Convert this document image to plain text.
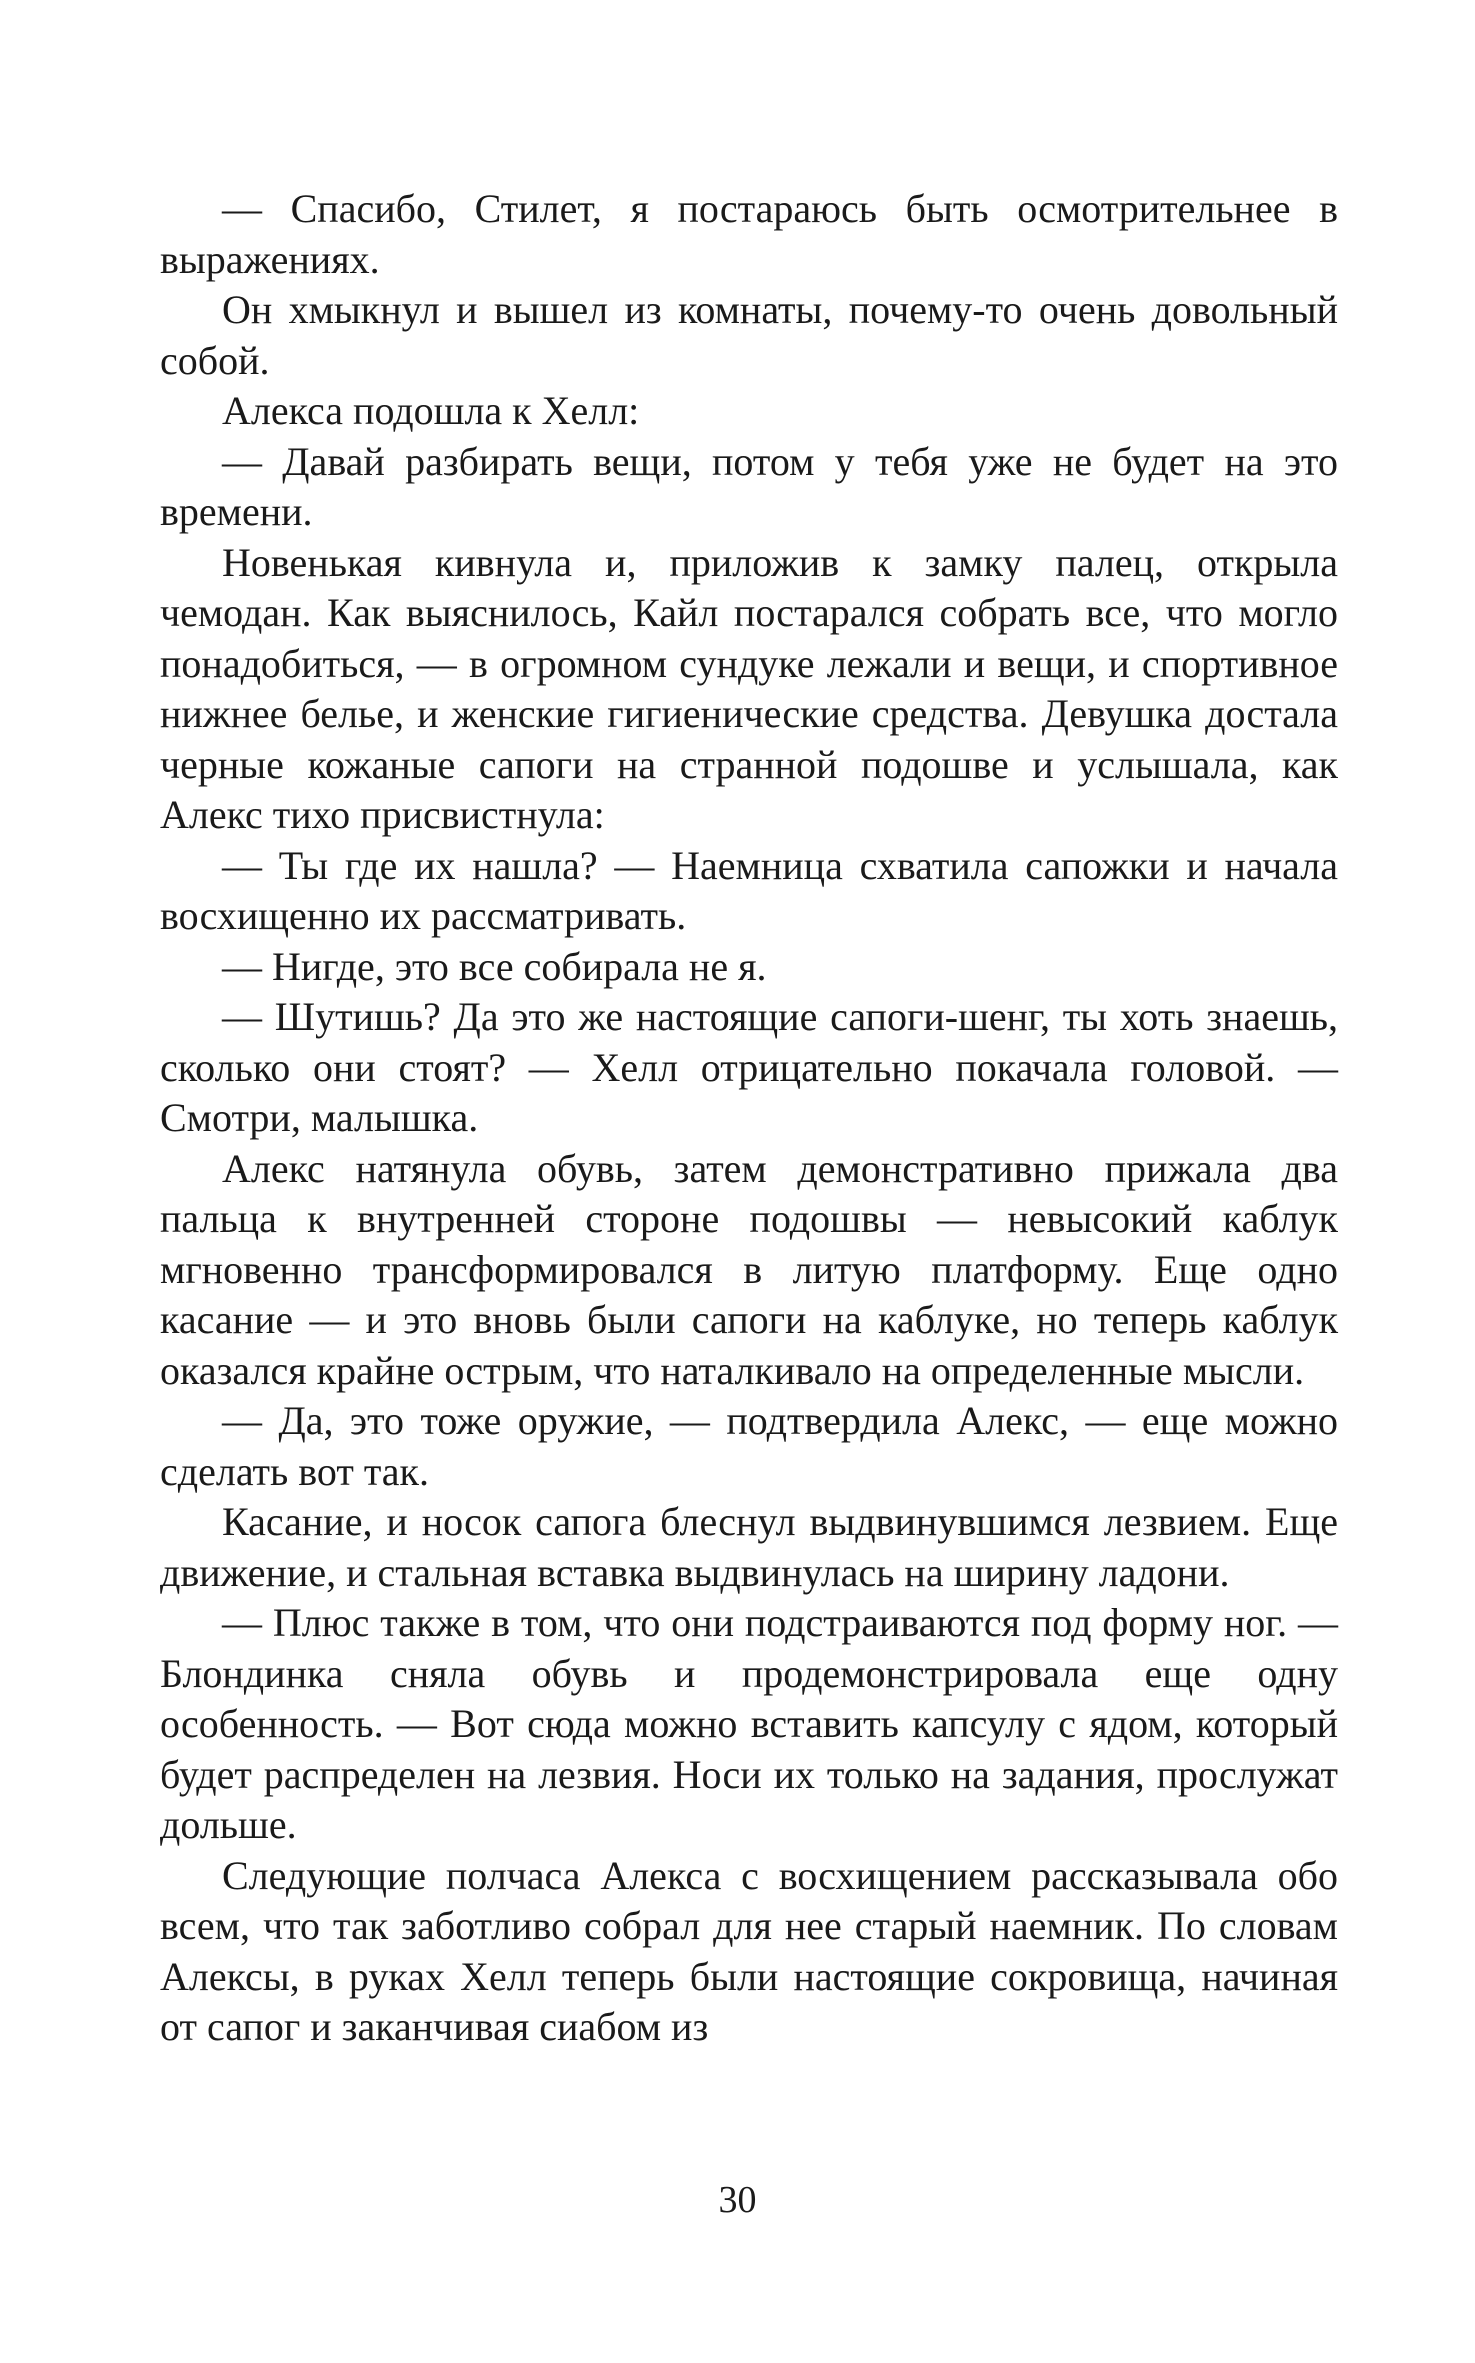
— Спасибо, Стилет, я постараюсь быть осмотрительнее в выражениях.

Он хмыкнул и вышел из комнаты, почему-то очень довольный собой.

Алекса подошла к Хелл:

— Давай разбирать вещи, потом у тебя уже не будет на это времени.

Новенькая кивнула и, приложив к замку палец, открыла чемодан. Как выяснилось, Кайл постарался собрать все, что могло понадобиться, — в огромном сундуке лежали и вещи, и спортивное нижнее белье, и женские гигиенические средства. Девушка достала черные кожаные сапоги на странной подошве и услышала, как Алекс тихо присвистнула:

— Ты где их нашла? — Наемница схватила сапожки и начала восхищенно их рассматривать.

— Нигде, это все собирала не я.

— Шутишь? Да это же настоящие сапоги-шенг, ты хоть знаешь, сколько они стоят? — Хелл отрицательно покачала головой. — Смотри, малышка.

Алекс натянула обувь, затем демонстративно прижала два пальца к внутренней стороне подошвы — невысокий каблук мгновенно трансформировался в литую платформу. Еще одно касание — и это вновь были сапоги на каблуке, но теперь каблук оказался крайне острым, что наталкивало на определенные мысли.

— Да, это тоже оружие, — подтвердила Алекс, — еще можно сделать вот так.

Касание, и носок сапога блеснул выдвинувшимся лезвием. Еще движение, и стальная вставка выдвинулась на ширину ладони.

— Плюс также в том, что они подстраиваются под форму ног. — Блондинка сняла обувь и продемонстрировала еще одну особенность. — Вот сюда можно вставить капсулу с ядом, который будет распределен на лезвия. Носи их только на задания, прослужат дольше.

Следующие полчаса Алекса с восхищением рассказывала обо всем, что так заботливо собрал для нее старый наемник. По словам Алексы, в руках Хелл теперь были настоящие сокровища, начиная от сапог и заканчивая сиабом из

30
